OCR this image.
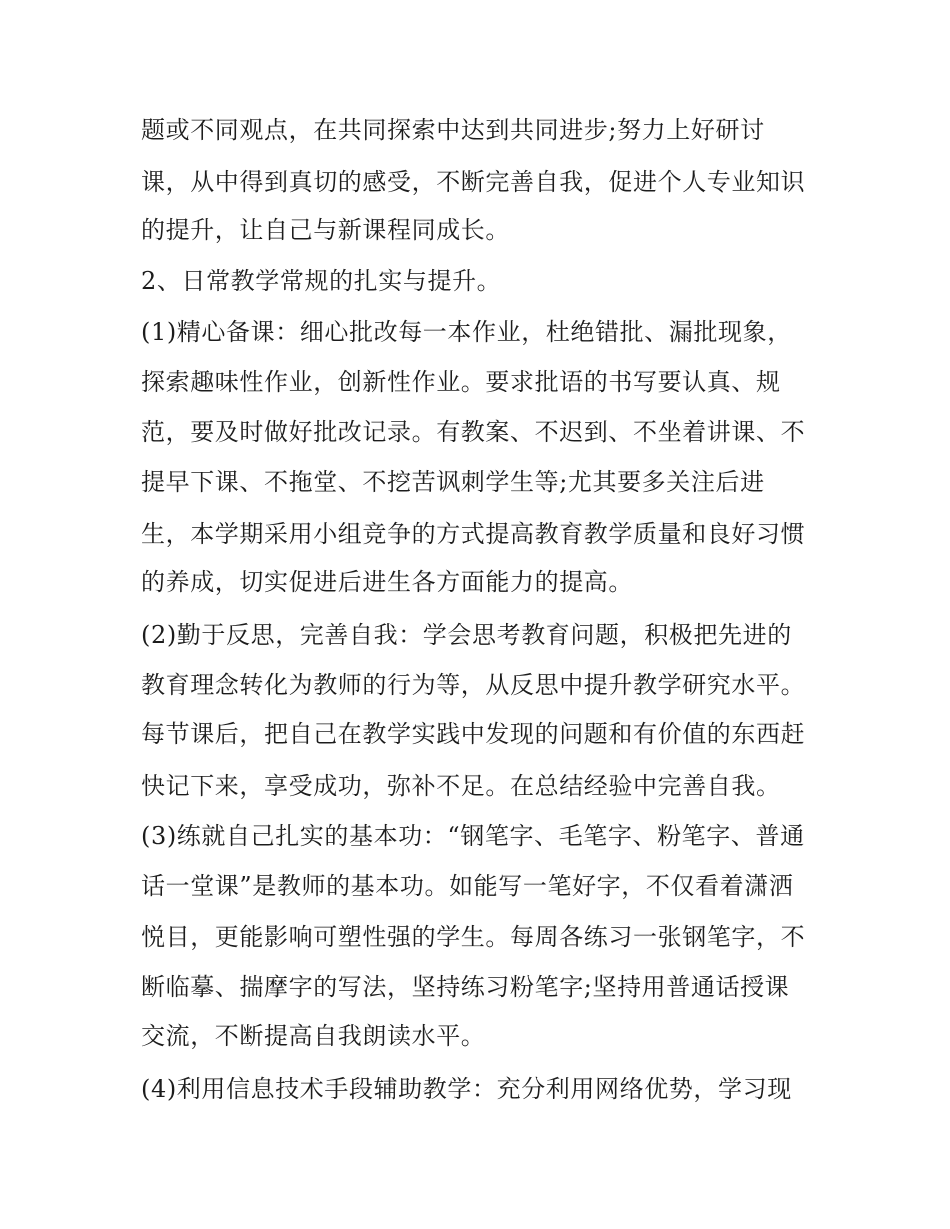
题或不同观点，在共同探索中达到共同进步;努力上好研讨

课，从中得到真切的感受，不断完善自我，促进个人专业知识

的提升，让自己与新课程同成长。

2、日常教学常规的扎实与提升。

(1)精心备课：细心批改每一本作业，杜绝错批、漏批现象，

探索趣味性作业，创新性作业。要求批语的书写要认真、规

范，要及时做好批改记录。有教案、不迟到、不坐着讲课、不

提早下课、不拖堂、不挖苦讽刺学生等;尤其要多关注后进

生，本学期采用小组竞争的方式提高教育教学质量和良好习惯

的养成，切实促进后进生各方面能力的提高。

(2)勤于反思，完善自我：学会思考教育问题，积极把先进的

教育理念转化为教师的行为等，从反思中提升教学研究水平。

每节课后，把自己在教学实践中发现的问题和有价值的东西赶

快记下来，享受成功，弥补不足。在总结经验中完善自我。

(3)练就自己扎实的基本功：“钢笔字、毛笔字、粉笔字、普通

话一堂课”是教师的基本功。如能写一笔好字，不仅看着潇洒

悦目，更能影响可塑性强的学生。每周各练习一张钢笔字，不

断临摹、揣摩字的写法，坚持练习粉笔字;坚持用普通话授课

交流，不断提高自我朗读水平。

(4)利用信息技术手段辅助教学：充分利用网络优势，学习现
